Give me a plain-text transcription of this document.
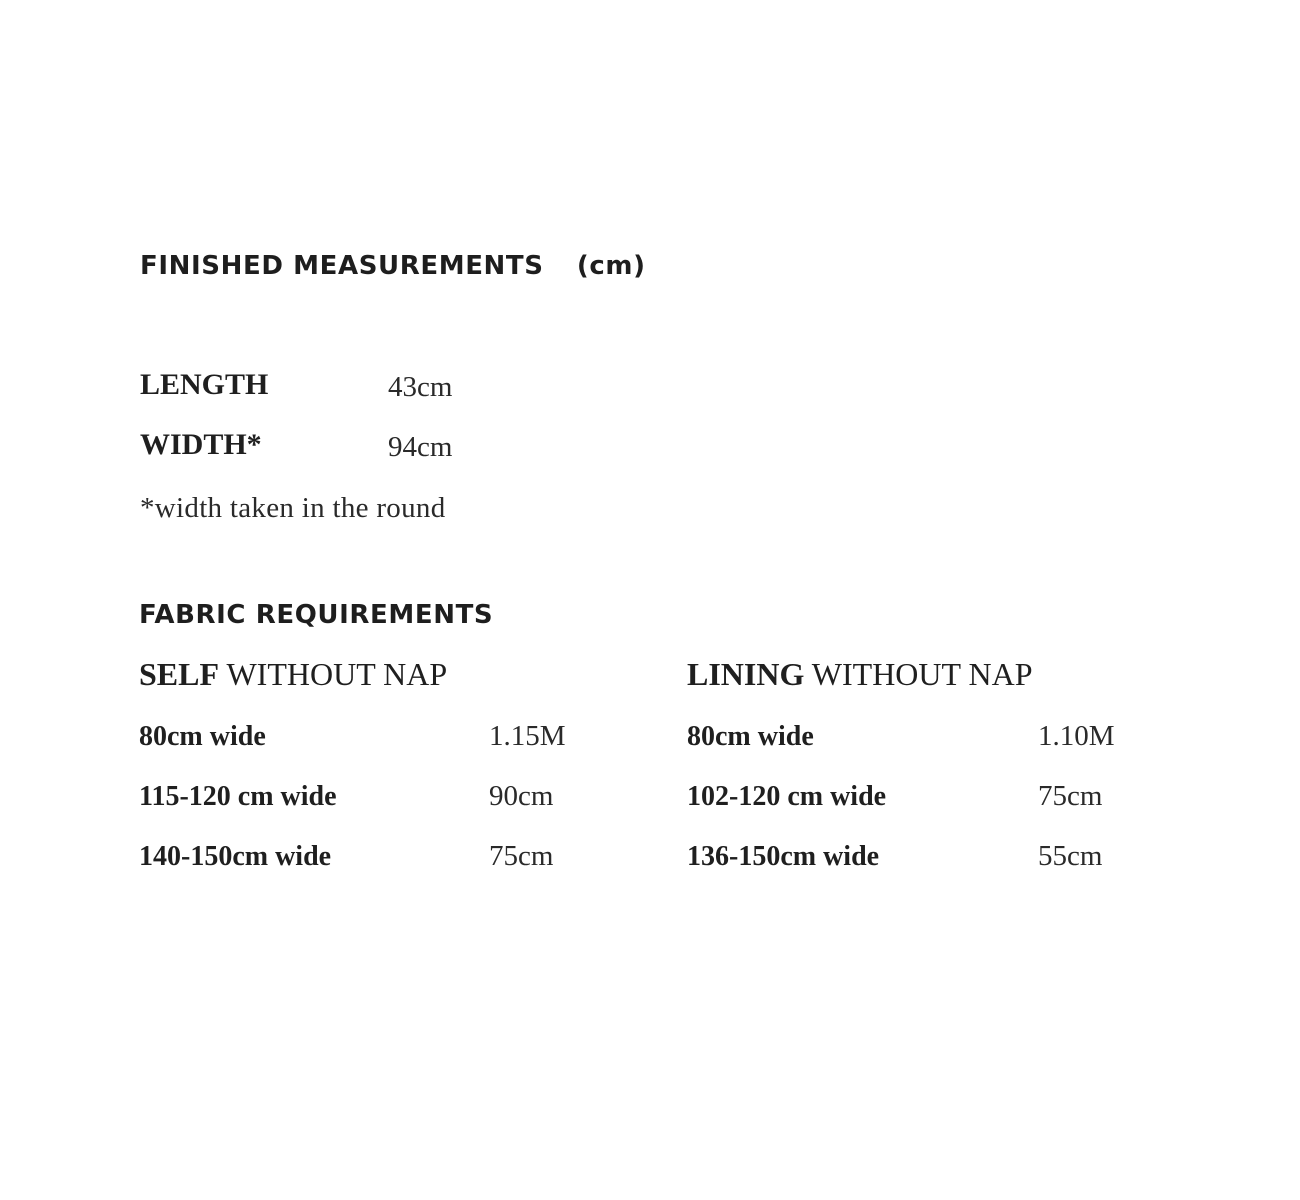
FINISHED MEASUREMENTS (cm)
LENGTH	43cm
WIDTH*	94cm
*width taken in the round
FABRIC REQUIREMENTS
SELF WITHOUT NAP	LINING WITHOUT NAP
80cm wide	1.15M
115-120 cm wide	90cm
140-150cm wide	75cm
80cm wide	1.10M
102-120 cm wide	75cm
136-150cm wide	55cm
